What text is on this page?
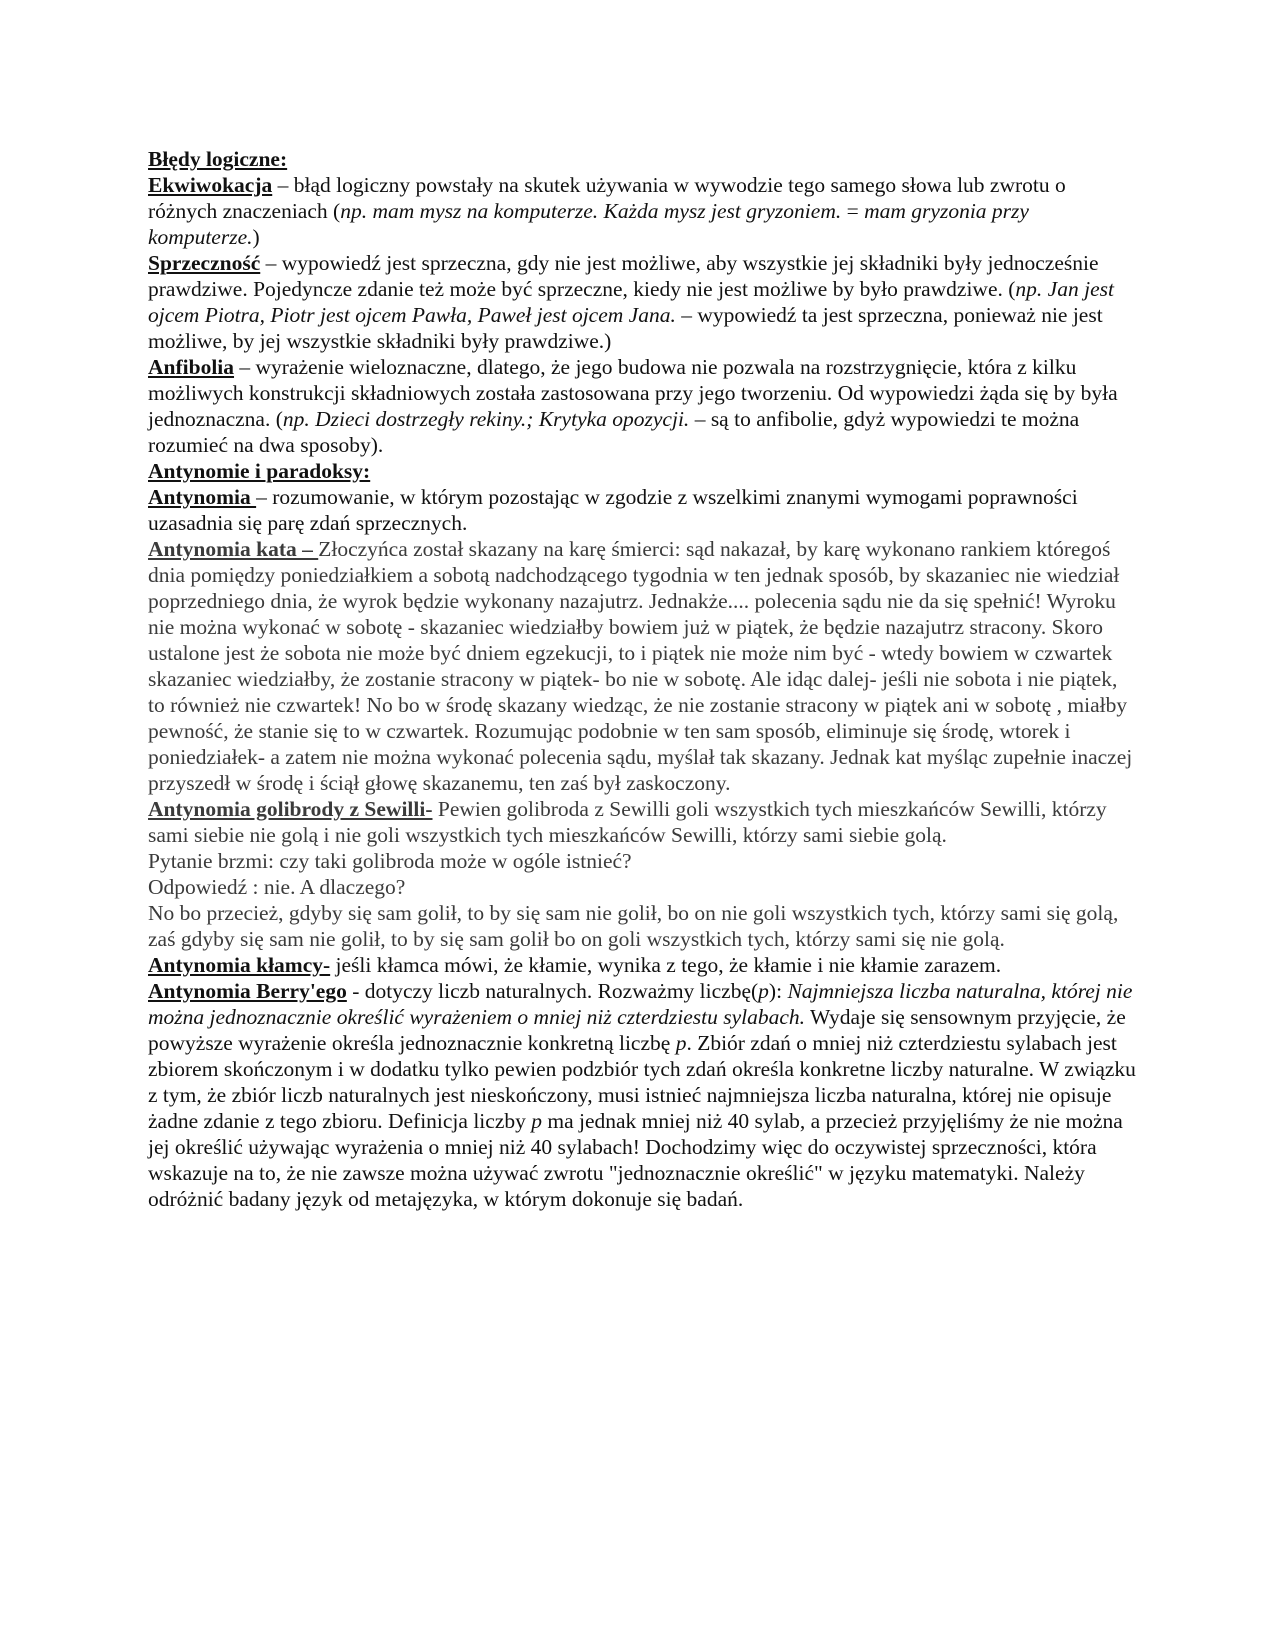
Błędy logiczne:

Ekwiwokacja – błąd logiczny powstały na skutek używania w wywodzie tego samego słowa lub zwrotu o różnych znaczeniach (np. mam mysz na komputerze. Każda mysz jest gryzoniem. = mam gryzonia przy komputerze.)

Sprzeczność – wypowiedź jest sprzeczna, gdy nie jest możliwe, aby wszystkie jej składniki były jednocześnie prawdziwe. Pojedyncze zdanie też może być sprzeczne, kiedy nie jest możliwe by było prawdziwe. (np. Jan jest ojcem Piotra, Piotr jest ojcem Pawła, Paweł jest ojcem Jana. – wypowiedź ta jest sprzeczna, ponieważ nie jest możliwe, by jej wszystkie składniki były prawdziwe.)

Anfibolia – wyrażenie wieloznaczne, dlatego, że jego budowa nie pozwala na rozstrzygnięcie, która z kilku możliwych konstrukcji składniowych została zastosowana przy jego tworzeniu. Od wypowiedzi żąda się by była jednoznaczna. (np. Dzieci dostrzegły rekiny.; Krytyka opozycji. – są to anfibolie, gdyż wypowiedzi te można rozumieć na dwa sposoby).

Antynomie i paradoksy:

Antynomia – rozumowanie, w którym pozostając w zgodzie z wszelkimi znanymi wymogami poprawności uzasadnia się parę zdań sprzecznych.

Antynomia kata – Złoczyńca został skazany na karę śmierci: sąd nakazał, by karę wykonano rankiem któregoś dnia pomiędzy poniedziałkiem a sobotą nadchodzącego tygodnia w ten jednak sposób, by skazaniec nie wiedział poprzedniego dnia, że wyrok będzie wykonany nazajutrz. Jednakże.... polecenia sądu nie da się spełnić! Wyroku nie można wykonać w sobotę - skazaniec wiedziałby bowiem już w piątek, że będzie nazajutrz stracony. Skoro ustalone jest że sobota nie może być dniem egzekucji, to i piątek nie może nim być - wtedy bowiem w czwartek skazaniec wiedziałby, że zostanie stracony w piątek- bo nie w sobotę. Ale idąc dalej- jeśli nie sobota i nie piątek, to również nie czwartek! No bo w środę skazany wiedząc, że nie zostanie stracony w piątek ani w sobotę , miałby pewność, że stanie się to w czwartek. Rozumując podobnie w ten sam sposób, eliminuje się środę, wtorek i poniedziałek- a zatem nie można wykonać polecenia sądu, myślał tak skazany. Jednak kat myśląc zupełnie inaczej przyszedł w środę i ściął głowę skazanemu, ten zaś był zaskoczony.

Antynomia golibrody z Sewilli- Pewien golibroda z Sewilli goli wszystkich tych mieszkańców Sewilli, którzy sami siebie nie golą i nie goli wszystkich tych mieszkańców Sewilli, którzy sami siebie golą.

Pytanie brzmi: czy taki golibroda może w ogóle istnieć?

Odpowiedź : nie. A dlaczego?

No bo przecież, gdyby się sam golił, to by się sam nie golił, bo on nie goli wszystkich tych, którzy sami się golą, zaś gdyby się sam nie golił, to by się sam golił bo on goli wszystkich tych, którzy sami się nie golą.

Antynomia kłamcy- jeśli kłamca mówi, że kłamie, wynika z tego, że kłamie i nie kłamie zarazem.

Antynomia Berry'ego - dotyczy liczb naturalnych. Rozważmy liczbę(p): Najmniejsza liczba naturalna, której nie można jednoznacznie określić wyrażeniem o mniej niż czterdziestu sylabach. Wydaje się sensownym przyjęcie, że powyższe wyrażenie określa jednoznacznie konkretną liczbę p. Zbiór zdań o mniej niż czterdziestu sylabach jest zbiorem skończonym i w dodatku tylko pewien podzbiór tych zdań określa konkretne liczby naturalne. W związku z tym, że zbiór liczb naturalnych jest nieskończony, musi istnieć najmniejsza liczba naturalna, której nie opisuje żadne zdanie z tego zbioru. Definicja liczby p ma jednak mniej niż 40 sylab, a przecież przyjęliśmy że nie można jej określić używając wyrażenia o mniej niż 40 sylabach! Dochodzimy więc do oczywistej sprzeczności, która wskazuje na to, że nie zawsze można używać zwrotu "jednoznacznie określić" w języku matematyki. Należy odróżnić badany język od metajęzyka, w którym dokonuje się badań.
